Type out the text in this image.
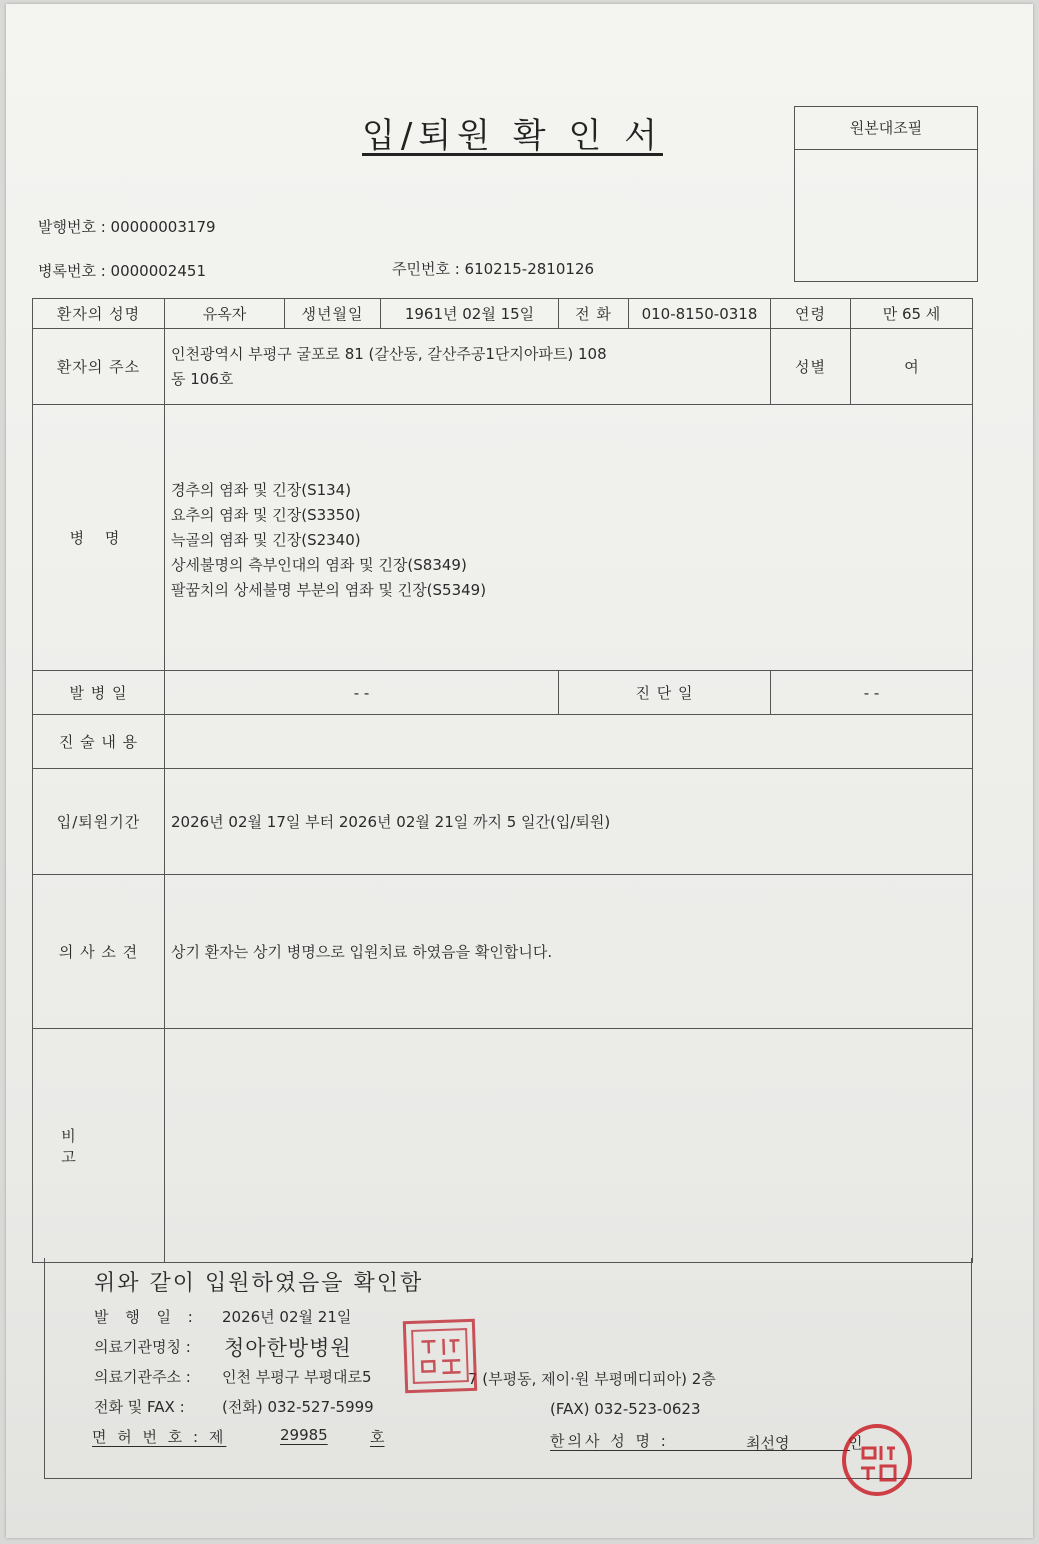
입/퇴원 확 인 서	원본대조필
발행번호 : 00000003179
병록번호 : 0000002451	주민번호 : 610215-2810126
환자의 성명	유옥자	생년월일	1961년 02월 15일	전 화	010-8150-0318	연령	만 65 세
환자의 주소	인천광역시 부평구 굴포로 81 (갈산동, 갈산주공1단지아파트) 108
동 106호					성별	여
병 명	경추의 염좌 및 긴장(S134)
요추의 염좌 및 긴장(S3350)
늑골의 염좌 및 긴장(S2340)
상세불명의 측부인대의 염좌 및 긴장(S8349)
팔꿈치의 상세불명 부분의 염좌 및 긴장(S5349)						

발 병 일	- -			진 단 일		- -	
진 술 내 용							
입/퇴원기간	2026년 02월 17일 부터 2026년 02월 21일 까지 5 일간(입/퇴원)						
의 사 소 견	상기 환자는 상기 병명으로 입원치료 하였음을 확인합니다.						
비 고							
위와 같이 입원하였음을 확인함
발 행 일 : 2026년 02월 21일
의료기관명칭 : 청아한방병원
의료기관주소 : 인천 부평구 부평대로5	7 (부평동, 제이·원 부평메디피아) 2층
전화 및 FAX : (전화) 032-527-5999	(FAX) 032-523-0623
면 허 번 호 : 제	29985	호	한의사 성 명 :	최선영	인
